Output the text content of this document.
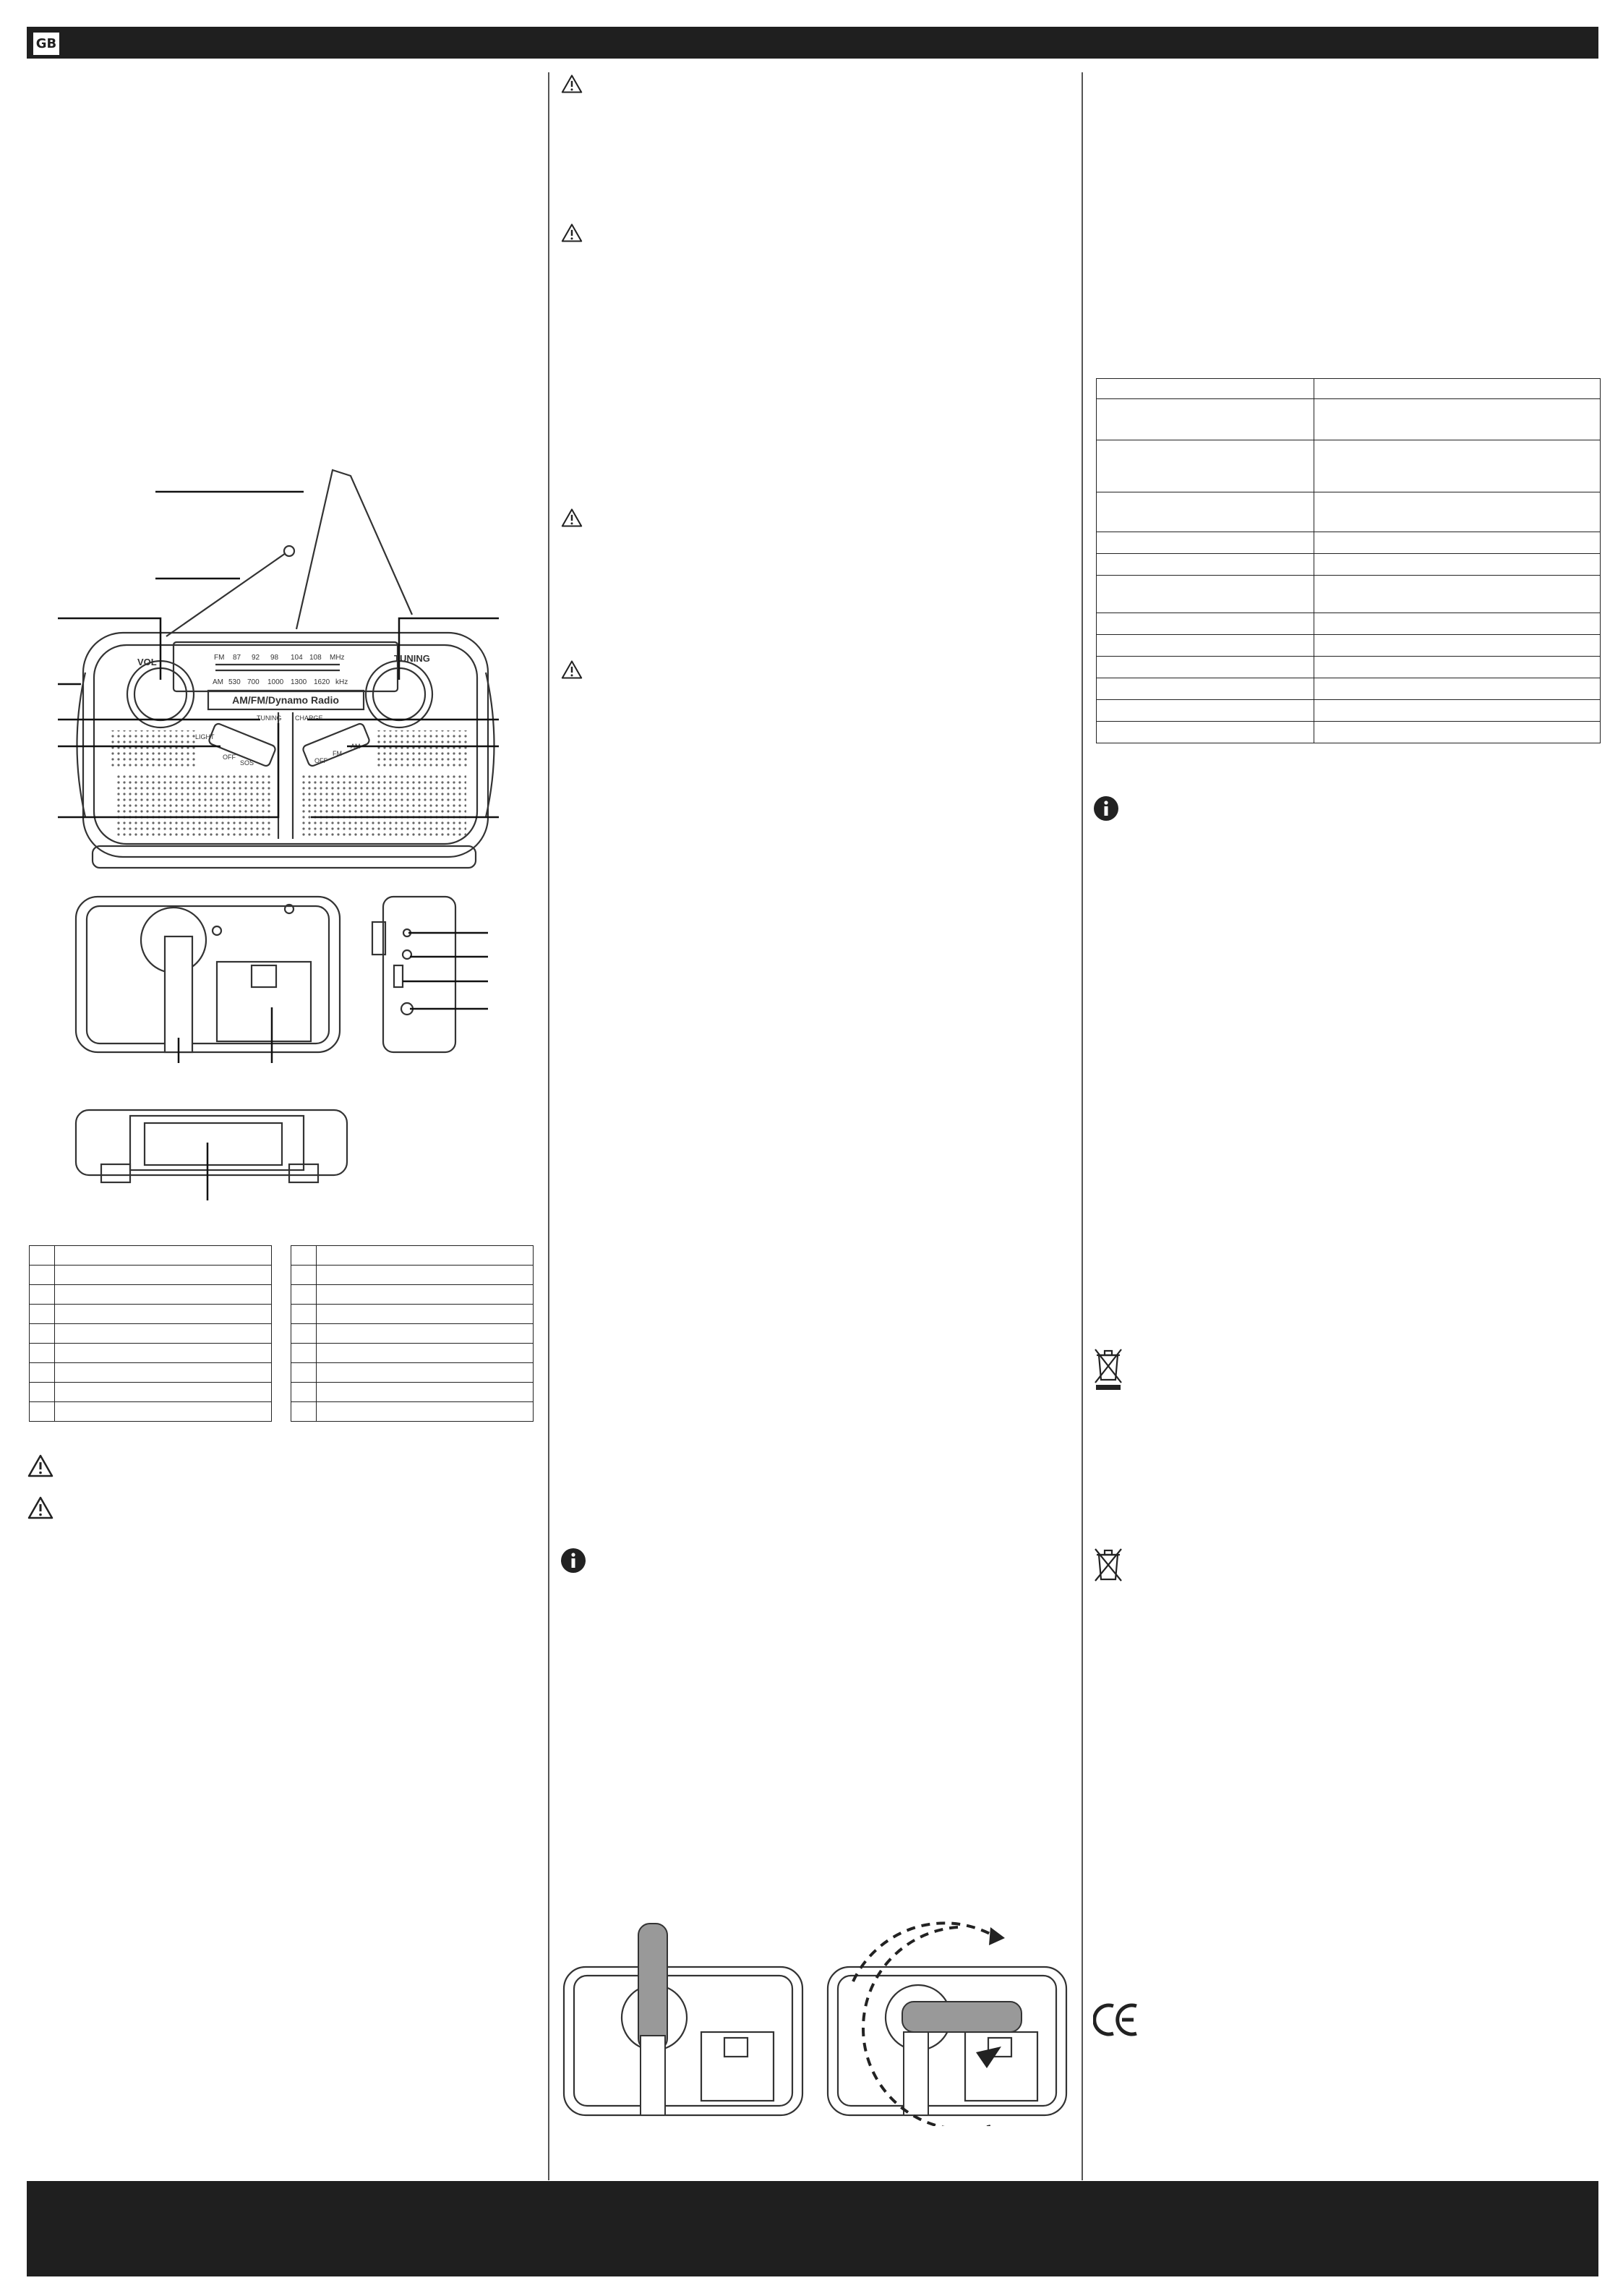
GB
FM 87 92 98 104 108 MHz
AM 530 700 1000 1300 1620 kHz
AM/FM/Dynamo Radio
VOL	TUNING
LIGHT
OFF
SOS	OFF
FM
AM
TUNING CHARGE
